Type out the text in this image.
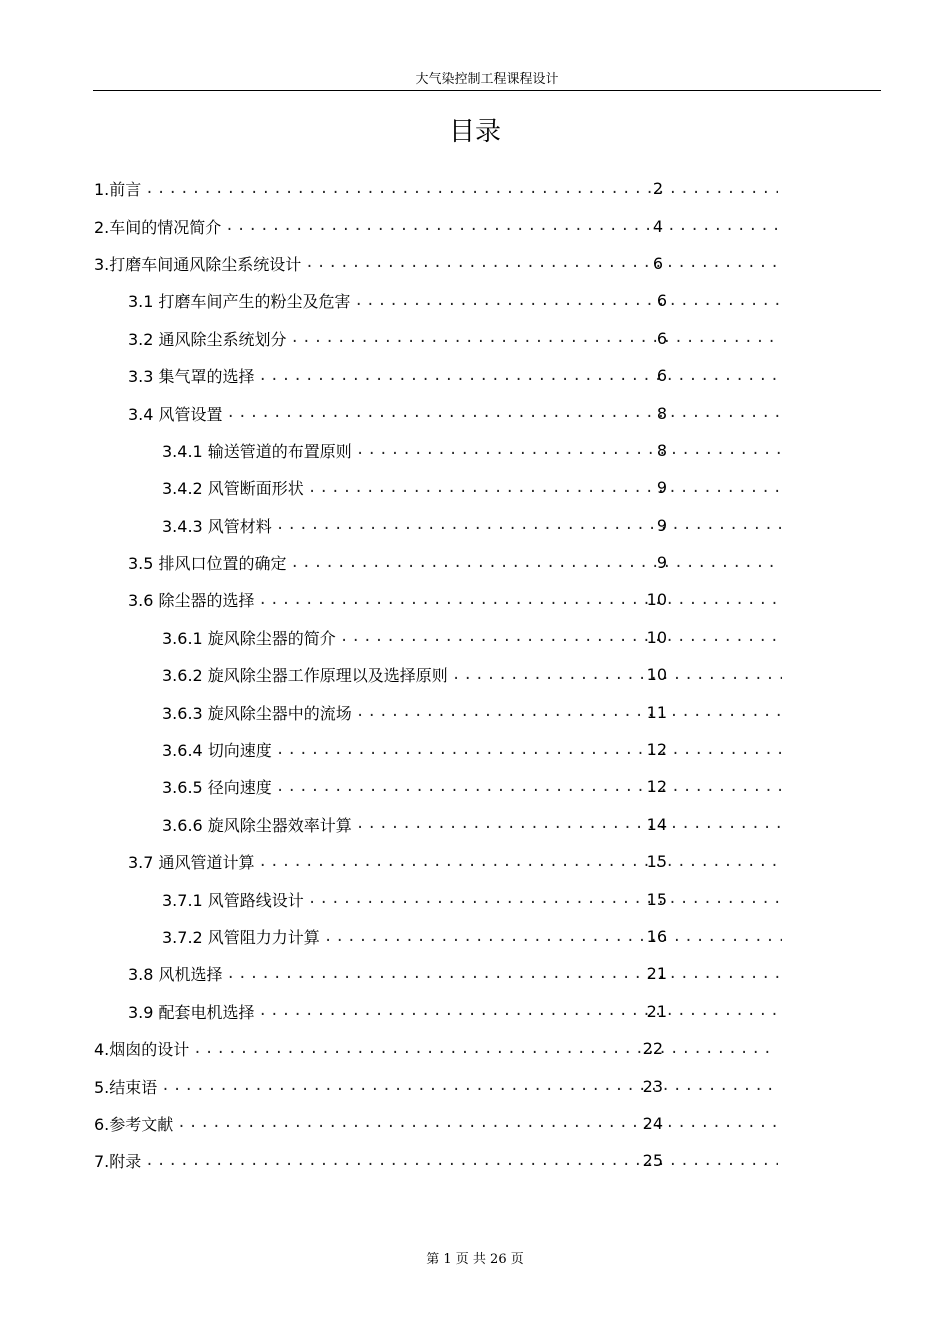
大气染控制工程课程设计
目录
1.前言 .....	2
2.车间的情况简介 .....	4
3.打磨车间通风除尘系统设计 .....	6
3.1 打磨车间产生的粉尘及危害 .....	6
3.2 通风除尘系统划分 .....	6
3.3 集气罩的选择 .....	6
3.4 风管设置 .....	8
3.4.1 输送管道的布置原则 .....	8
3.4.2 风管断面形状 .....	9
3.4.3 风管材料 .....	9
3.5 排风口位置的确定 .....	9
3.6 除尘器的选择 .....	10
3.6.1 旋风除尘器的简介 .....	10
3.6.2 旋风除尘器工作原理以及选择原则 .....	10
3.6.3 旋风除尘器中的流场 .....	11
3.6.4 切向速度 .....	12
3.6.5 径向速度 .....	12
3.6.6 旋风除尘器效率计算 .....	14
3.7 通风管道计算 .....	15
3.7.1 风管路线设计 .....	15
3.7.2 风管阻力力计算 .....	16
3.8 风机选择 .....	21
3.9 配套电机选择 .....	21
4.烟囱的设计 .....	22
5.结束语 .....	23
6.参考文献 .....	24
7.附录 .....	25
第 1 页 共 26 页
